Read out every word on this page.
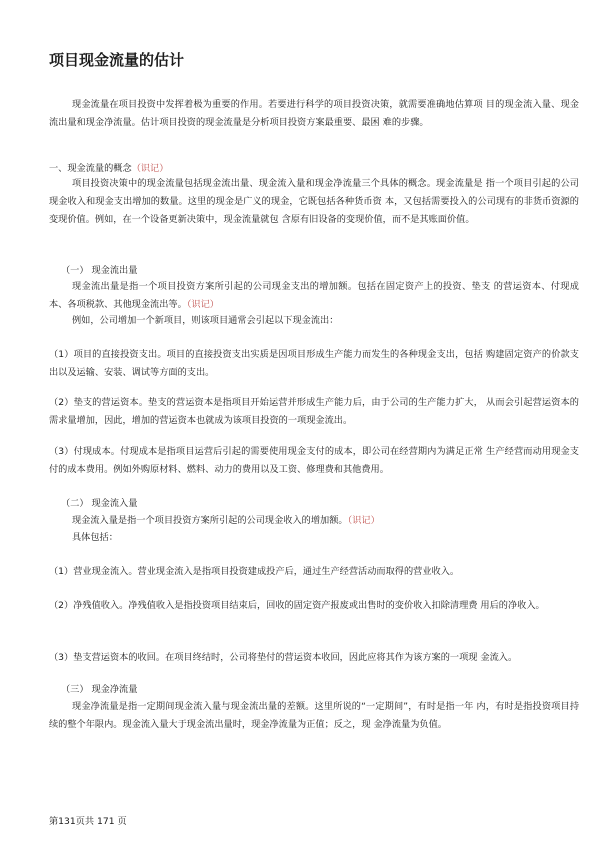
项目现金流量的估计
现金流量在项目投资中发挥着极为重要的作用。若要进行科学的项目投资决策，就需要准确地估算项 目的现金流入量、现金流出量和现金净流量。估计项目投资的现金流量是分析项目投资方案最重要、最困 难的步骤。
一、现金流量的概念（识记）
项目投资决策中的现金流量包括现金流出量、现金流入量和现金净流量三个具体的概念。现金流量是 指一个项目引起的公司现金收入和现金支出增加的数量。这里的现金是广义的现金，它既包括各种货币资 本，又包括需要投入的公司现有的非货币资源的变现价值。例如，在一个设备更新决策中，现金流量就包 含原有旧设备的变现价值，而不是其账面价值。
（一） 现金流出量
现金流出量是指一个项目投资方案所引起的公司现金支出的增加额。包括在固定资产上的投资、垫支 的营运资本、付现成本、各项税款、其他现金流出等。（识记）
例如，公司增加一个新项目，则该项目通常会引起以下现金流出：
（1）项目的直接投资支出。项目的直接投资支出实质是因项目形成生产能力而发生的各种现金支出，包括 购建固定资产的价款支出以及运输、安装、调试等方面的支出。
（2）垫支的营运资本。垫支的营运资本是指项目开始运营并形成生产能力后，由于公司的生产能力扩大， 从而会引起营运资本的需求量增加，因此，增加的营运资本也就成为该项目投资的一项现金流出。
（3）付现成本。付现成本是指项目运营后引起的需要使用现金支付的成本，即公司在经营期内为满足正常 生产经营而动用现金支付的成本费用。例如外购原材料、燃料、动力的费用以及工资、修理费和其他费用。
（二） 现金流入量
现金流入量是指一个项目投资方案所引起的公司现金收入的增加额。（识记）
具体包括：
（1）营业现金流入。营业现金流入是指项目投资建成投产后，通过生产经营活动而取得的营业收入。
（2）净残值收入。净残值收入是指投资项目结束后，回收的固定资产报废或出售时的变价收入扣除清理费 用后的净收入。
（3）垫支营运资本的收回。在项目终结时，公司将垫付的营运资本收回，因此应将其作为该方案的一项现 金流入。
（三） 现金净流量
现金净流量是指一定期间现金流入量与现金流出量的差额。这里所说的“一定期间”，有时是指一年 内，有时是指投资项目持续的整个年限内。现金流入量大于现金流出量时，现金净流量为正值；反之，现 金净流量为负值。
第131页共 171 页
